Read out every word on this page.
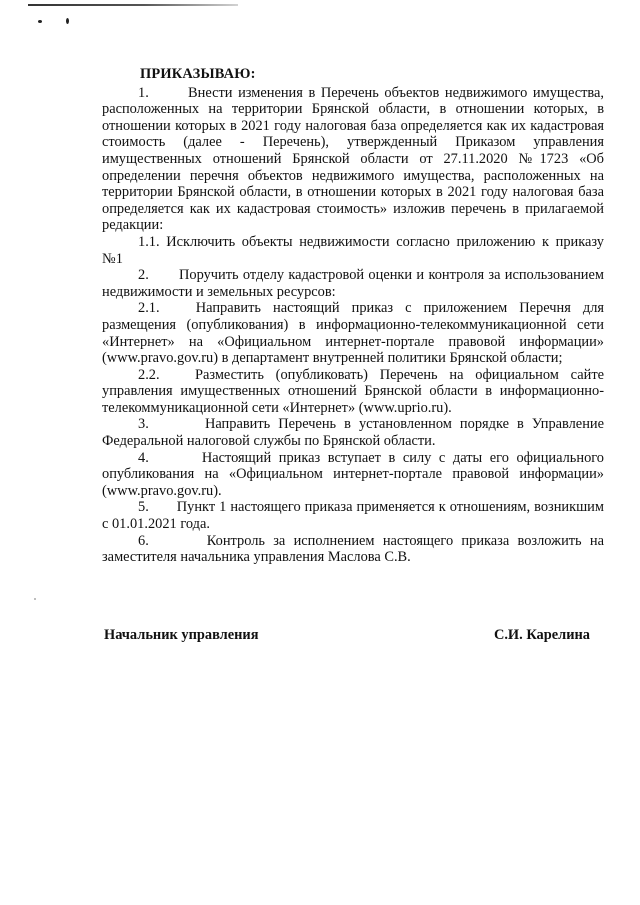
ПРИКАЗЫВАЮ:

1.       Внести изменения в Перечень объектов недвижимого имущества, расположенных на территории Брянской области, в отношении которых, в отношении которых в 2021 году налоговая база определяется как их кадастровая стоимость (далее - Перечень), утвержденный Приказом управления имущественных отношений Брянской области от 27.11.2020 №1723 «Об определении перечня объектов недвижимого имущества, расположенных на территории Брянской области, в отношении которых в 2021 году налоговая база определяется как их кадастровая стоимость» изложив перечень в прилагаемой редакции:

1.1. Исключить объекты недвижимости согласно приложению к приказу №1

2.       Поручить отделу кадастровой оценки и контроля за использованием недвижимости и земельных ресурсов:

2.1.   Направить настоящий приказ с приложением Перечня для размещения (опубликования) в информационно-телекоммуникационной сети «Интернет» на «Официальном интернет-портале правовой информации» (www.pravo.gov.ru) в департамент внутренней политики Брянской области;

2.2.   Разместить (опубликовать) Перечень на официальном сайте управления имущественных отношений Брянской области в информационно-телекоммуникационной сети «Интернет» (www.uprio.ru).

3.       Направить Перечень в установленном порядке в Управление Федеральной налоговой службы по Брянской области.

4.       Настоящий приказ вступает в силу с даты его официального опубликования на «Официальном интернет-портале правовой информации» (www.pravo.gov.ru).

5.       Пункт 1 настоящего приказа применяется к отношениям, возникшим с 01.01.2021 года.

6.       Контроль за исполнением настоящего приказа возложить на заместителя начальника управления Маслова С.В.

Начальник управления	С.И. Карелина
